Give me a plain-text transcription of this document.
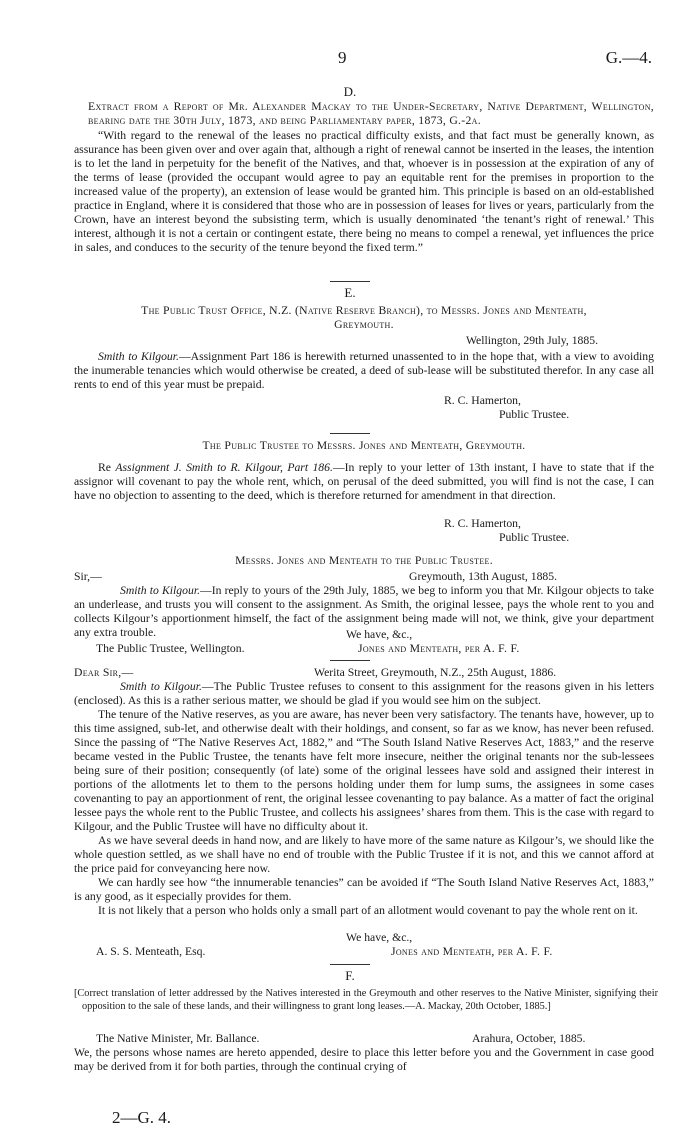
9	G.—4.
D.

Extract from a Report of Mr. Alexander Mackay to the Under-Secretary, Native Department, Wellington, bearing date the 30th July, 1873, and being Parliamentary paper, 1873, G.-2a.

“With regard to the renewal of the leases no practical difficulty exists, and that fact must be generally known, as assurance has been given over and over again that, although a right of renewal cannot be inserted in the leases, the intention is to let the land in perpetuity for the benefit of the Natives, and that, whoever is in possession at the expiration of any of the terms of lease (provided the occupant would agree to pay an equitable rent for the premises in proportion to the increased value of the property), an extension of lease would be granted him. This principle is based on an old-established practice in England, where it is considered that those who are in possession of leases for lives or years, particularly from the Crown, have an interest beyond the subsisting term, which is usually denominated ‘the tenant’s right of renewal.’ This interest, although it is not a certain or contingent estate, there being no means to compel a renewal, yet influences the price in sales, and conduces to the security of the tenure beyond the fixed term.”

E.

The Public Trust Office, N.Z. (Native Reserve Branch), to Messrs. Jones and Menteath, Greymouth.

Wellington, 29th July, 1885.

Smith to Kilgour.—Assignment Part 186 is herewith returned unassented to in the hope that, with a view to avoiding the inumerable tenancies which would otherwise be created, a deed of sub-lease will be substituted therefor. In any case all rents to end of this year must be prepaid.

R. C. Hamerton,
Public Trustee.

The Public Trustee to Messrs. Jones and Menteath, Greymouth.

Re Assignment J. Smith to R. Kilgour, Part 186.—In reply to your letter of 13th instant, I have to state that if the assignor will covenant to pay the whole rent, which, on perusal of the deed submitted, you will find is not the case, I can have no objection to assenting to the deed, which is therefore returned for amendment in that direction.

R. C. Hamerton,
Public Trustee.

Messrs. Jones and Menteath to the Public Trustee.

Sir,—	Greymouth, 13th August, 1885.

Smith to Kilgour.—In reply to yours of the 29th July, 1885, we beg to inform you that Mr. Kilgour objects to take an underlease, and trusts you will consent to the assignment. As Smith, the original lessee, pays the whole rent to you and collects Kilgour’s apportionment himself, the fact of the assignment being made will not, we think, give your department any extra trouble.	We have, &c.,
The Public Trustee, Wellington.	Jones and Menteath, per A. F. F.
Dear Sir,—	Werita Street, Greymouth, N.Z., 25th August, 1886.

Smith to Kilgour.—The Public Trustee refuses to consent to this assignment for the reasons given in his letters (enclosed). As this is a rather serious matter, we should be glad if you would see him on the subject.

The tenure of the Native reserves, as you are aware, has never been very satisfactory. The tenants have, however, up to this time assigned, sub-let, and otherwise dealt with their holdings, and consent, so far as we know, has never been refused. Since the passing of “The Native Reserves Act, 1882,” and “The South Island Native Reserves Act, 1883,” and the reserve became vested in the Public Trustee, the tenants have felt more insecure, neither the original tenants nor the sub-lessees being sure of their position; consequently (of late) some of the original lessees have sold and assigned their interest in portions of the allotments let to them to the persons holding under them for lump sums, the assignees in some cases covenanting to pay an apportionment of rent, the original lessee covenanting to pay balance. As a matter of fact the original lessee pays the whole rent to the Public Trustee, and collects his assignees’ shares from them. This is the case with regard to Kilgour, and the Public Trustee will have no difficulty about it.

As we have several deeds in hand now, and are likely to have more of the same nature as Kilgour’s, we should like the whole question settled, as we shall have no end of trouble with the Public Trustee if it is not, and this we cannot afford at the price paid for conveyancing here now.

We can hardly see how “the innumerable tenancies” can be avoided if “The South Island Native Reserves Act, 1883,” is any good, as it especially provides for them.

It is not likely that a person who holds only a small part of an allotment would covenant to pay the whole rent on it.

We have, &c.,
A. S. S. Menteath, Esq.	Jones and Menteath, per A. F. F.
F.

[Correct translation of letter addressed by the Natives interested in the Greymouth and other reserves to the Native Minister, signifying their opposition to the sale of these lands, and their willingness to grant long leases.—A. Mackay, 20th October, 1885.]

The Native Minister, Mr. Ballance.	Arahura, October, 1885.

We, the persons whose names are hereto appended, desire to place this letter before you and the Government in case good may be derived from it for both parties, through the continual crying of

2—G. 4.
